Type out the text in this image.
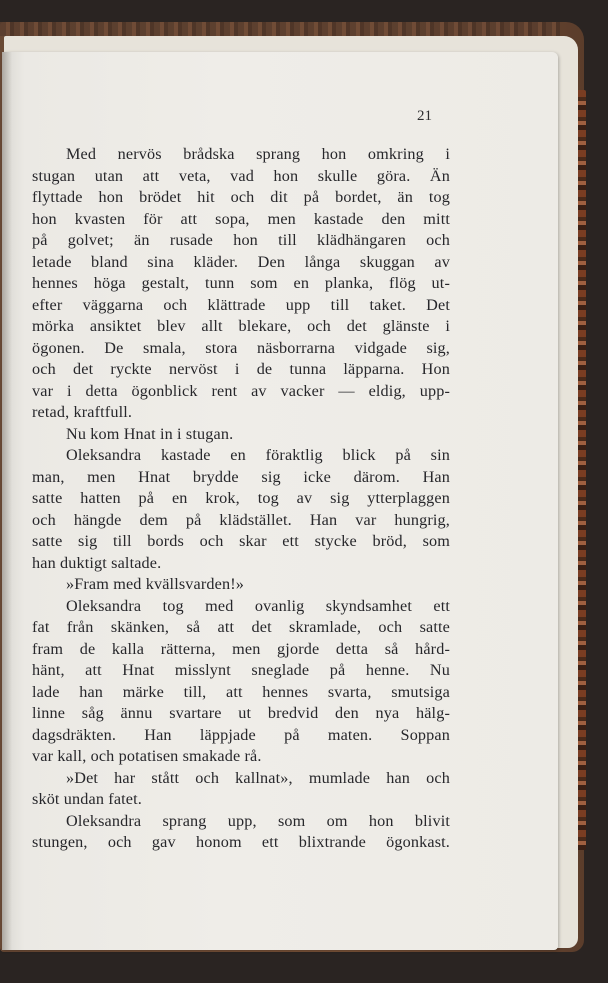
21
Med nervös brådska sprang hon omkring i
stugan utan att veta, vad hon skulle göra. Än
flyttade hon brödet hit och dit på bordet, än tog
hon kvasten för att sopa, men kastade den mitt
på golvet; än rusade hon till klädhängaren och
letade bland sina kläder. Den långa skuggan av
hennes höga gestalt, tunn som en planka, flög ut-
efter väggarna och klättrade upp till taket. Det
mörka ansiktet blev allt blekare, och det glänste i
ögonen. De smala, stora näsborrarna vidgade sig,
och det ryckte nervöst i de tunna läpparna. Hon
var i detta ögonblick rent av vacker — eldig, upp-
retad, kraftfull.
Nu kom Hnat in i stugan.
Oleksandra kastade en föraktlig blick på sin
man, men Hnat brydde sig icke därom. Han
satte hatten på en krok, tog av sig ytterplaggen
och hängde dem på klädstället. Han var hungrig,
satte sig till bords och skar ett stycke bröd, som
han duktigt saltade.
»Fram med kvällsvarden!»
Oleksandra tog med ovanlig skyndsamhet ett
fat från skänken, så att det skramlade, och satte
fram de kalla rätterna, men gjorde detta så hård-
hänt, att Hnat misslynt sneglade på henne. Nu
lade han märke till, att hennes svarta, smutsiga
linne såg ännu svartare ut bredvid den nya hälg-
dagsdräkten. Han läppjade på maten. Soppan
var kall, och potatisen smakade rå.
»Det har stått och kallnat», mumlade han och
sköt undan fatet.
Oleksandra sprang upp, som om hon blivit
stungen, och gav honom ett blixtrande ögonkast.
